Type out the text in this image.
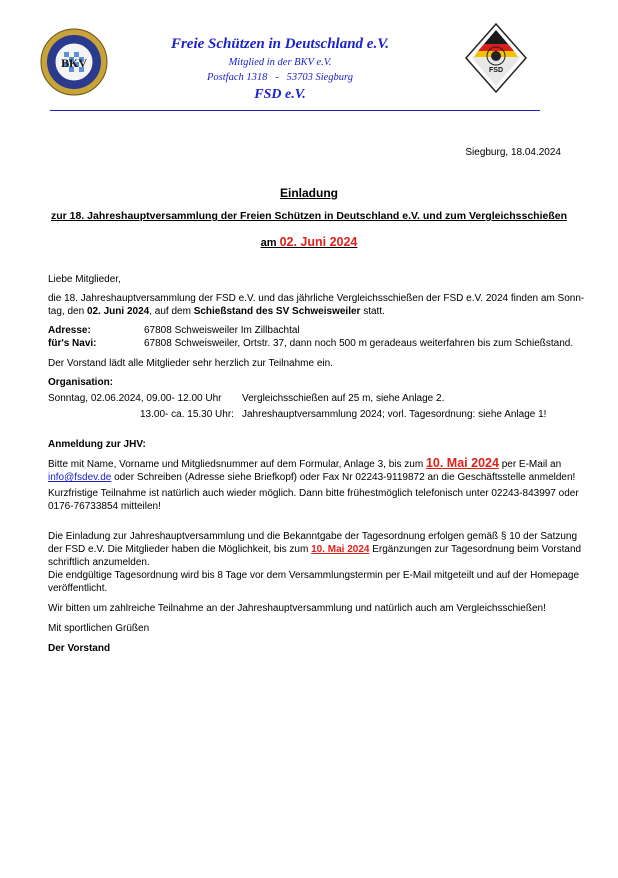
BKV
Freie Schützen in Deutschland e.V.
Mitglied in der BKV e.V.
Postfach 1318   -   53703 Siegburg
FSD e.V.
FSD
Siegburg, 18.04.2024
Einladung
zur 18. Jahreshauptversammlung der Freien Schützen in Deutschland e.V. und zum Vergleichsschießen
am 02. Juni 2024
Liebe Mitglieder,
die 18. Jahreshauptversammlung der FSD e.V. und das jährliche Vergleichsschießen der FSD e.V. 2024 finden am Sonn-
tag, den 02. Juni 2024, auf dem Schießstand des SV Schweisweiler statt.
Adresse:	67808 Schweisweiler Im Zillbachtal
für's Navi:	67808 Schweisweiler, Ortstr. 37, dann noch 500 m geradeaus weiterfahren bis zum Schießstand.
Der Vorstand lädt alle Mitglieder sehr herzlich zur Teilnahme ein.
Organisation:
Sonntag, 02.06.2024, 09.00- 12.00 Uhr Vergleichsschießen auf 25 m, siehe Anlage 2.
13.00- ca. 15.30 Uhr: Jahreshauptversammlung 2024; vorl. Tagesordnung: siehe Anlage 1!
Anmeldung zur JHV:
Bitte mit Name, Vorname und Mitgliedsnummer auf dem Formular, Anlage 3, bis zum 10. Mai 2024 per E-Mail an
info@fsdev.de oder Schreiben (Adresse siehe Briefkopf) oder Fax Nr 02243-9119872 an die Geschäftsstelle anmelden!
Kurzfristige Teilnahme ist natürlich auch wieder möglich. Dann bitte frühestmöglich telefonisch unter 02243-843997 oder
0176-76733854 mitteilen!
Die Einladung zur Jahreshauptversammlung und die Bekanntgabe der Tagesordnung erfolgen gemäß § 10 der Satzung
der FSD e.V. Die Mitglieder haben die Möglichkeit, bis zum 10. Mai 2024 Ergänzungen zur Tagesordnung beim Vorstand
schriftlich anzumelden.
Die endgültige Tagesordnung wird bis 8 Tage vor dem Versammlungstermin per E-Mail mitgeteilt und auf der Homepage
veröffentlicht.
Wir bitten um zahlreiche Teilnahme an der Jahreshauptversammlung und natürlich auch am Vergleichsschießen!
Mit sportlichen Grüßen
Der Vorstand
